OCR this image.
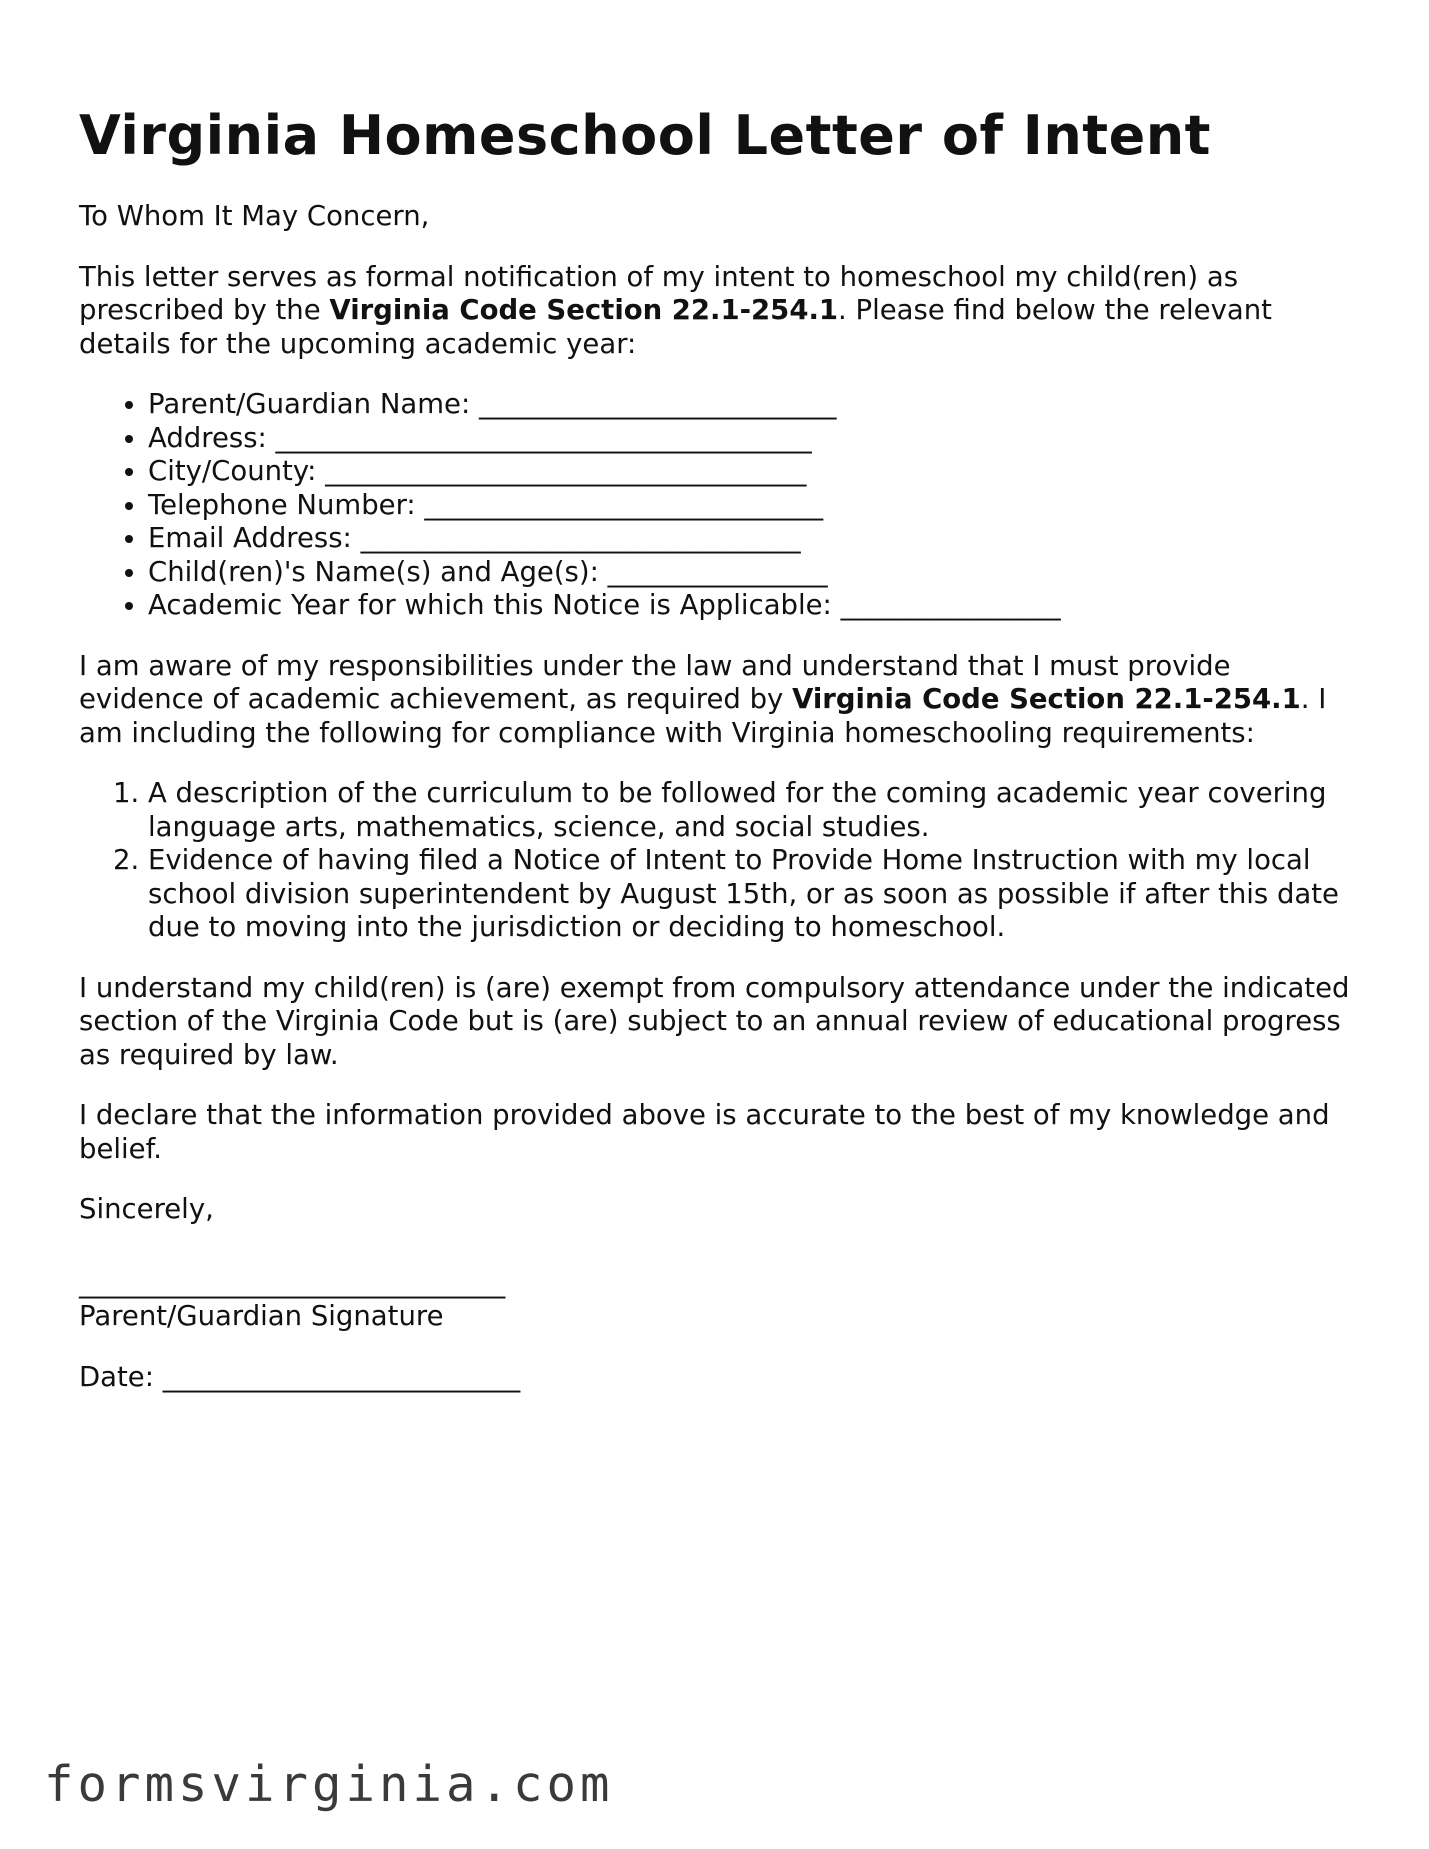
Virginia Homeschool Letter of Intent

To Whom It May Concern,

This letter serves as formal notification of my intent to homeschool my child(ren) as prescribed by the Virginia Code Section 22.1-254.1. Please find below the relevant details for the upcoming academic year:

• Parent/Guardian Name: __________________________
• Address: _______________________________________
• City/County: ___________________________________
• Telephone Number: _____________________________
• Email Address: ________________________________
• Child(ren)'s Name(s) and Age(s): ________________
• Academic Year for which this Notice is Applicable: ________________

I am aware of my responsibilities under the law and understand that I must provide evidence of academic achievement, as required by Virginia Code Section 22.1-254.1. I am including the following for compliance with Virginia homeschooling requirements:

1. A description of the curriculum to be followed for the coming academic year covering language arts, mathematics, science, and social studies.
2. Evidence of having filed a Notice of Intent to Provide Home Instruction with my local school division superintendent by August 15th, or as soon as possible if after this date due to moving into the jurisdiction or deciding to homeschool.

I understand my child(ren) is (are) exempt from compulsory attendance under the indicated section of the Virginia Code but is (are) subject to an annual review of educational progress as required by law.

I declare that the information provided above is accurate to the best of my knowledge and belief.

Sincerely,

_______________________________

Parent/Guardian Signature

Date: __________________________

formsvirginia.com
